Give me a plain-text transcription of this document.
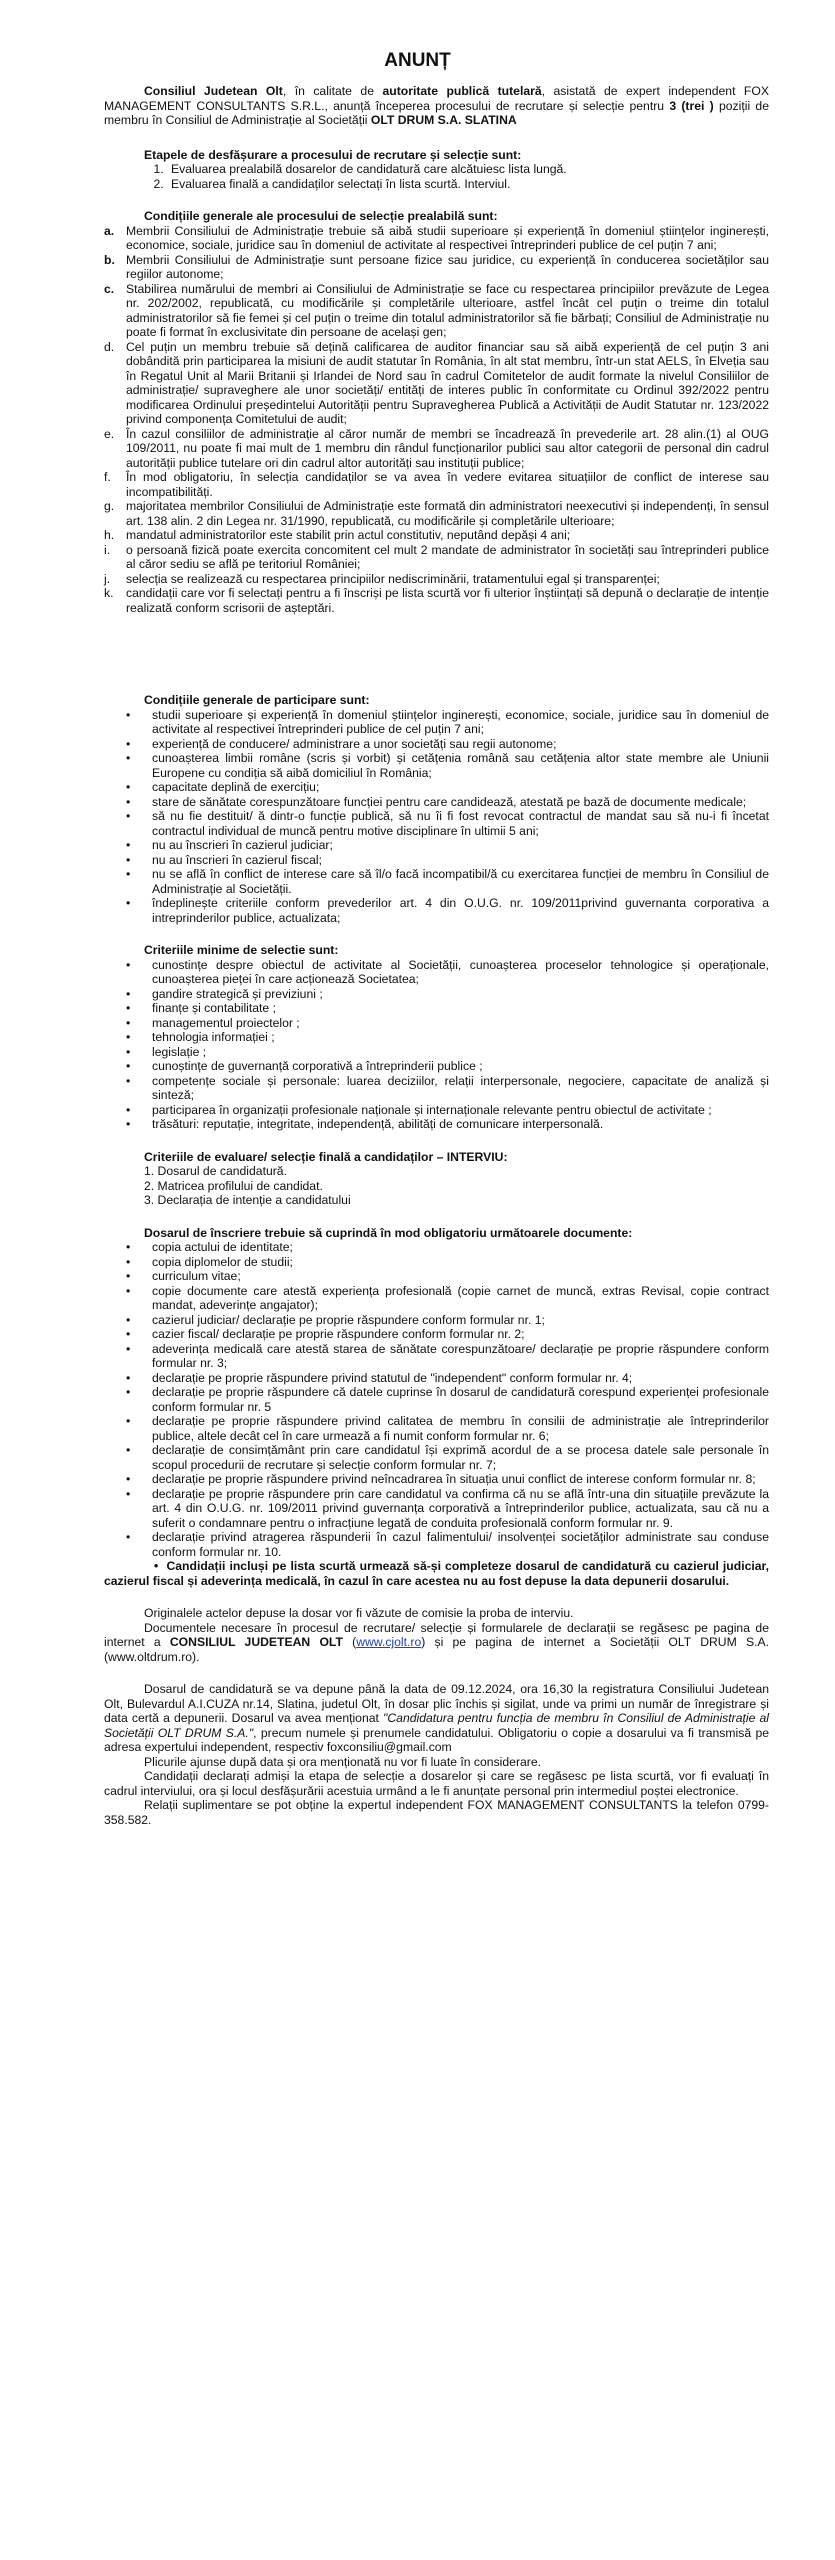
ANUNȚ

Consiliul Judetean Olt, în calitate de autoritate publică tutelară, asistată de expert independent FOX MANAGEMENT CONSULTANTS S.R.L., anunță începerea procesului de recrutare și selecție pentru 3 (trei ) poziții de membru în Consiliul de Administrație al Societății OLT DRUM S.A. SLATINA

Etapele de desfășurare a procesului de recrutare și selecție sunt:
1. Evaluarea prealabilă dosarelor de candidatură care alcătuiesc lista lungă.
2. Evaluarea finală a candidaților selectați în lista scurtă. Interviul.
Condițiile generale ale procesului de selecție prealabilă sunt:
a. Membrii Consiliului de Administrație trebuie să aibă studii superioare și experiență în domeniul științelor inginerești, economice, sociale, juridice sau în domeniul de activitate al respectivei întreprinderi publice de cel puțin 7 ani;
b. Membrii Consiliului de Administrație sunt persoane fizice sau juridice, cu experiență în conducerea societăților sau regiilor autonome;
c. Stabilirea numărului de membri ai Consiliului de Administrație se face cu respectarea principiilor prevăzute de Legea nr. 202/2002, republicată, cu modificările și completările ulterioare, astfel încât cel puțin o treime din totalul administratorilor să fie femei și cel puțin o treime din totalul administratorilor să fie bărbați; Consiliul de Administrație nu poate fi format în exclusivitate din persoane de același gen;
d. Cel puțin un membru trebuie să dețină calificarea de auditor financiar sau să aibă experiență de cel puțin 3 ani dobândită prin participarea la misiuni de audit statutar în România, în alt stat membru, într-un stat AELS, în Elveția sau în Regatul Unit al Marii Britanii și Irlandei de Nord sau în cadrul Comitetelor de audit formate la nivelul Consiliilor de administrație/ supraveghere ale unor societăți/ entități de interes public în conformitate cu Ordinul 392/2022 pentru modificarea Ordinului președintelui Autorității pentru Supravegherea Publică a Activității de Audit Statutar nr. 123/2022 privind componența Comitetului de audit;
e. În cazul consiliilor de administrație al căror număr de membri se încadrează în prevederile art. 28 alin.(1) al OUG 109/2011, nu poate fi mai mult de 1 membru din rândul funcționarilor publici sau altor categorii de personal din cadrul autorității publice tutelare ori din cadrul altor autorități sau instituții publice;
f.	În mod obligatoriu, în selecția candidaților se va avea în vedere evitarea situațiilor de conflict de interese sau incompatibilități.
g. majoritatea membrilor Consiliului de Administrație este formată din administratori neexecutivi și independenți, în sensul art. 138 alin. 2 din Legea nr. 31/1990, republicată, cu modificările și completările ulterioare;
h. mandatul administratorilor este stabilit prin actul constitutiv, neputând depăși 4 ani;
i.	o persoană fizică poate exercita concomitent cel mult 2 mandate de administrator în societăți sau întreprinderi publice al căror sediu se află pe teritoriul României;
j.	selecția se realizează cu respectarea principiilor nediscriminării, tratamentului egal și transparenței;
k.	candidații care vor fi selectați pentru a fi înscriși pe lista scurtă vor fi ulterior înștiințați să depună o declarație de intenție realizată conform scrisorii de așteptări.
Condițiile generale de participare sunt:
• studii superioare și experiență în domeniul științelor inginerești, economice, sociale, juridice sau în domeniul de activitate al respectivei întreprinderi publice de cel puțin 7 ani;
• experiență de conducere/ administrare a unor societăți sau regii autonome;
• cunoașterea limbii române (scris și vorbit) și cetățenia română sau cetățenia altor state membre ale Uniunii Europene cu condiția să aibă domiciliul în România;
• capacitate deplină de exercițiu;
• stare de sănătate corespunzătoare funcției pentru care candidează, atestată pe bază de documente medicale;
• să nu fie destituit/ ă dintr-o funcție publică, să nu îi fi fost revocat contractul de mandat sau să nu-i fi încetat contractul individual de muncă pentru motive disciplinare în ultimii 5 ani;
• nu au înscrieri în cazierul judiciar;
• nu au înscrieri în cazierul fiscal;
• nu se află în conflict de interese care să îl/o facă incompatibil/ă cu exercitarea funcției de membru în Consiliul de Administrație al Societății.
• îndeplinește criteriile conform prevederilor art. 4 din O.U.G. nr. 109/2011privind guvernanta corporativa a intreprinderilor publice, actualizata;
Criteriile minime de selectie sunt:
• cunostințe despre obiectul de activitate al Societății, cunoașterea proceselor tehnologice și operaționale, cunoașterea pieței în care acționează Societatea;
• gandire strategică și previziuni ;
• finanțe și contabilitate ;
• managementul proiectelor ;
• tehnologia informației ;
• legislație ;
• cunoștințe de guvernanță corporativă a întreprinderii publice ;
• competențe sociale și personale: luarea deciziilor, relații interpersonale, negociere, capacitate de analiză și sinteză;
• participarea în organizații profesionale naționale și internaționale relevante pentru obiectul de activitate ;
• trăsături: reputație, integritate, independență, abilități de comunicare interpersonală.
Criteriile de evaluare/ selecție finală a candidaților – INTERVIU:
1. Dosarul de candidatură.
2. Matricea profilului de candidat.
3. Declarația de intenție a candidatului
Dosarul de înscriere trebuie să cuprindă în mod obligatoriu următoarele documente:
• copia actului de identitate;
• copia diplomelor de studii;
• curriculum vitae;
• copie documente care atestă experiența profesională (copie carnet de muncă, extras Revisal, copie contract mandat, adeverințe angajator);
• cazierul judiciar/ declarație pe proprie răspundere conform formular nr. 1;
• cazier fiscal/ declarație pe proprie răspundere conform formular nr. 2;
• adeverința medicală care atestă starea de sănătate corespunzătoare/ declarație pe proprie răspundere conform formular nr. 3;
• declarație pe proprie răspundere privind statutul de "independent" conform formular nr. 4;
• declarație pe proprie răspundere că datele cuprinse în dosarul de candidatură corespund experienței profesionale conform formular nr. 5
• declarație pe proprie răspundere privind calitatea de membru în consilii de administrație ale întreprinderilor publice, altele decât cel în care urmează a fi numit conform formular nr. 6;
• declarație de consimțământ prin care candidatul își exprimă acordul de a se procesa datele sale personale în scopul procedurii de recrutare și selecție conform formular nr. 7;
• declarație pe proprie răspundere privind neîncadrarea în situația unui conflict de interese conform formular nr. 8;
• declarație pe proprie răspundere prin care candidatul va confirma că nu se află într-una din situațiile prevăzute la art. 4 din O.U.G. nr. 109/2011 privind guvernanța corporativă a întreprinderilor publice, actualizata, sau că nu a suferit o condamnare pentru o infracțiune legată de conduita profesională conform formular nr. 9.
• declarație privind atragerea răspunderii în cazul falimentului/ insolvenței societăților administrate sau conduse conform formular nr. 10.
• Candidații incluși pe lista scurtă urmează să-și completeze dosarul de candidatură cu cazierul judiciar, cazierul fiscal și adeverința medicală, în cazul în care acestea nu au fost depuse la data depunerii dosarului.
Originalele actelor depuse la dosar vor fi văzute de comisie la proba de interviu.
Documentele necesare în procesul de recrutare/ selecție și formularele de declarații se regăsesc pe pagina de internet a CONSILIUL JUDETEAN OLT (www.cjolt.ro) și pe pagina de internet a Societății OLT DRUM S.A. (www.oltdrum.ro).
Dosarul de candidatură se va depune până la data de 09.12.2024, ora 16,30 la registratura Consiliului Judetean Olt, Bulevardul A.I.CUZA nr.14, Slatina, judetul Olt, în dosar plic închis și sigilat, unde va primi un număr de înregistrare și data certă a depunerii. Dosarul va avea menționat "Candidatura pentru funcția de membru în Consiliul de Administrație al Societății OLT DRUM S.A.", precum numele și prenumele candidatului. Obligatoriu o copie a dosarului va fi transmisă pe adresa expertului independent, respectiv foxconsiliu@gmail.com
Plicurile ajunse după data și ora menționată nu vor fi luate în considerare.
Candidații declarați admiși la etapa de selecție a dosarelor și care se regăsesc pe lista scurtă, vor fi evaluați în cadrul interviului, ora și locul desfășurării acestuia urmând a le fi anunțate personal prin intermediul poștei electronice.
Relații suplimentare se pot obține la expertul independent FOX MANAGEMENT CONSULTANTS la telefon 0799-358.582.
